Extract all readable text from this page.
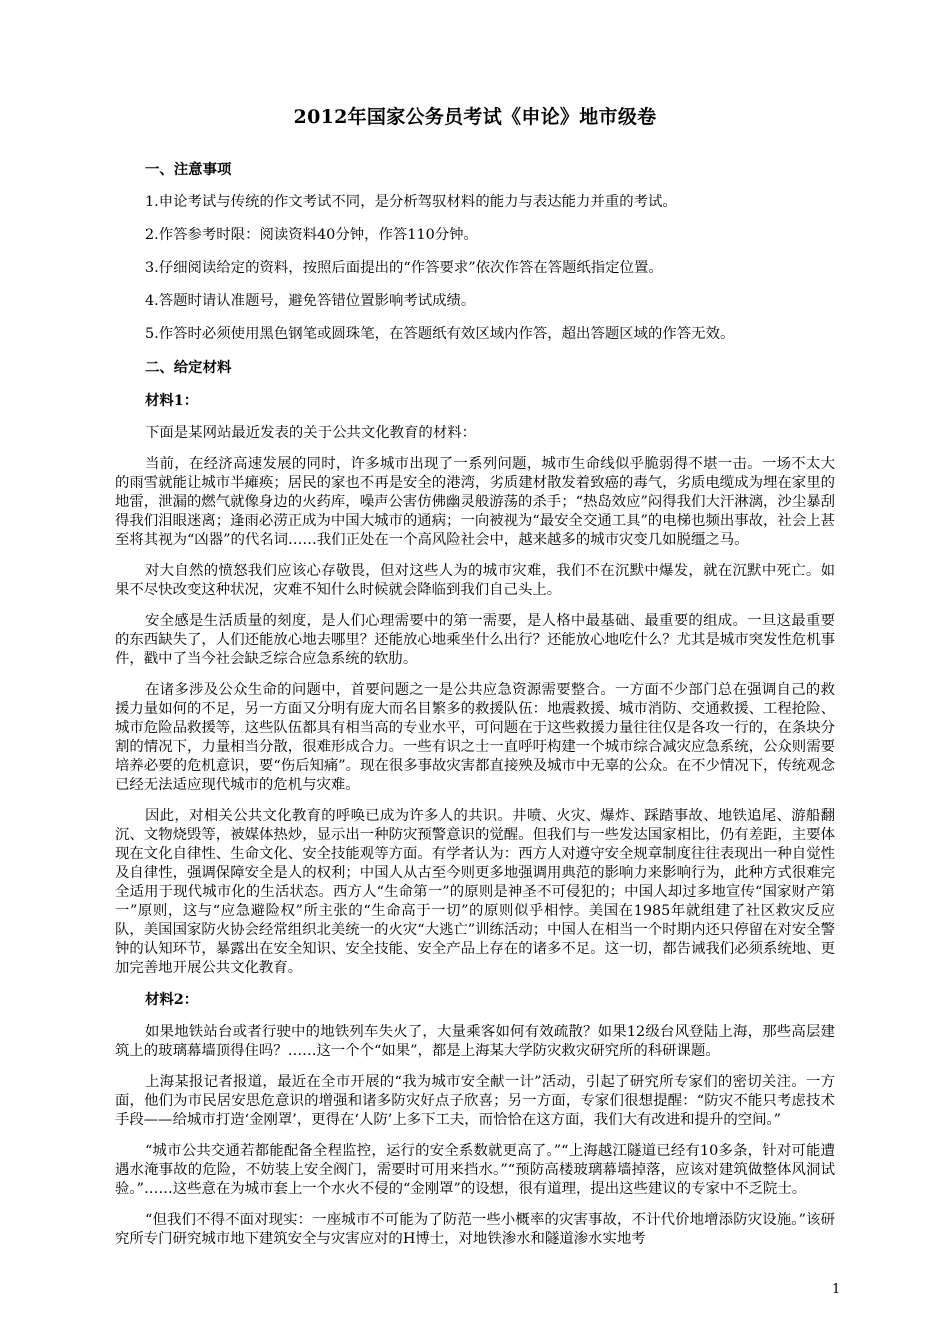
2012年国家公务员考试《申论》地市级卷

一、注意事项

1.申论考试与传统的作文考试不同，是分析驾驭材料的能力与表达能力并重的考试。

2.作答参考时限：阅读资料40分钟，作答110分钟。

3.仔细阅读给定的资料，按照后面提出的“作答要求”依次作答在答题纸指定位置。

4.答题时请认准题号，避免答错位置影响考试成绩。

5.作答时必须使用黑色钢笔或圆珠笔，在答题纸有效区域内作答，超出答题区域的作答无效。

二、给定材料

材料1：

下面是某网站最近发表的关于公共文化教育的材料：

当前，在经济高速发展的同时，许多城市出现了一系列问题，城市生命线似乎脆弱得不堪一击。一场不太大的雨雪就能让城市半瘫痪；居民的家也不再是安全的港湾，劣质建材散发着致癌的毒气，劣质电缆成为埋在家里的地雷，泄漏的燃气就像身边的火药库，噪声公害仿佛幽灵般游荡的杀手；“热岛效应”闷得我们大汗淋漓，沙尘暴刮得我们泪眼迷离；逢雨必涝正成为中国大城市的通病；一向被视为“最安全交通工具”的电梯也频出事故，社会上甚至将其视为“凶器”的代名词……我们正处在一个高风险社会中，越来越多的城市灾变几如脱缰之马。

对大自然的愤怒我们应该心存敬畏，但对这些人为的城市灾难，我们不在沉默中爆发，就在沉默中死亡。如果不尽快改变这种状况，灾难不知什么时候就会降临到我们自己头上。

安全感是生活质量的刻度，是人们心理需要中的第一需要，是人格中最基础、最重要的组成。一旦这最重要的东西缺失了，人们还能放心地去哪里？还能放心地乘坐什么出行？还能放心地吃什么？尤其是城市突发性危机事件，戳中了当今社会缺乏综合应急系统的软肋。

在诸多涉及公众生命的问题中，首要问题之一是公共应急资源需要整合。一方面不少部门总在强调自己的救援力量如何的不足，另一方面又分明有庞大而名目繁多的救援队伍：地震救援、城市消防、交通救援、工程抢险、城市危险品救援等，这些队伍都具有相当高的专业水平，可问题在于这些救援力量往往仅是各攻一行的，在条块分割的情况下，力量相当分散，很难形成合力。一些有识之士一直呼吁构建一个城市综合减灾应急系统，公众则需要培养必要的危机意识，要“伤后知痛”。现在很多事故灾害都直接殃及城市中无辜的公众。在不少情况下，传统观念已经无法适应现代城市的危机与灾难。

因此，对相关公共文化教育的呼唤已成为许多人的共识。井喷、火灾、爆炸、踩踏事故、地铁追尾、游船翻沉、文物烧毁等，被媒体热炒，显示出一种防灾预警意识的觉醒。但我们与一些发达国家相比，仍有差距，主要体现在文化自律性、生命文化、安全技能观等方面。有学者认为：西方人对遵守安全规章制度往往表现出一种自觉性及自律性，强调保障安全是人的权利；中国人从古至今则更多地强调用典范的影响力来影响行为，此种方式很难完全适用于现代城市化的生活状态。西方人“生命第一”的原则是神圣不可侵犯的；中国人却过多地宣传“国家财产第一”原则，这与“应急避险权”所主张的“生命高于一切”的原则似乎相悖。美国在1985年就组建了社区救灾反应队，美国国家防火协会经常组织北美统一的火灾“大逃亡”训练活动；中国人在相当一个时期内还只停留在对安全警钟的认知环节，暴露出在安全知识、安全技能、安全产品上存在的诸多不足。这一切，都告诫我们必须系统地、更加完善地开展公共文化教育。

材料2：

如果地铁站台或者行驶中的地铁列车失火了，大量乘客如何有效疏散？如果12级台风登陆上海，那些高层建筑上的玻璃幕墙顶得住吗？……这一个个“如果”，都是上海某大学防灾救灾研究所的科研课题。

上海某报记者报道，最近在全市开展的“我为城市安全献一计”活动，引起了研究所专家们的密切关注。一方面，他们为市民居安思危意识的增强和诸多防灾好点子欣喜；另一方面，专家们很想提醒：“防灾不能只考虑技术手段——给城市打造‘金刚罩’，更得在‘人防’上多下工夫，而恰恰在这方面，我们大有改进和提升的空间。”

“城市公共交通若都能配备全程监控，运行的安全系数就更高了。”“上海越江隧道已经有10多条，针对可能遭遇水淹事故的危险，不妨装上安全阀门，需要时可用来挡水。”“预防高楼玻璃幕墙掉落，应该对建筑做整体风洞试验。”……这些意在为城市套上一个水火不侵的“金刚罩”的设想，很有道理，提出这些建议的专家中不乏院士。

“但我们不得不面对现实：一座城市不可能为了防范一些小概率的灾害事故，不计代价地增添防灾设施。”该研究所专门研究城市地下建筑安全与灾害应对的H博士，对地铁渗水和隧道渗水实地考

1
